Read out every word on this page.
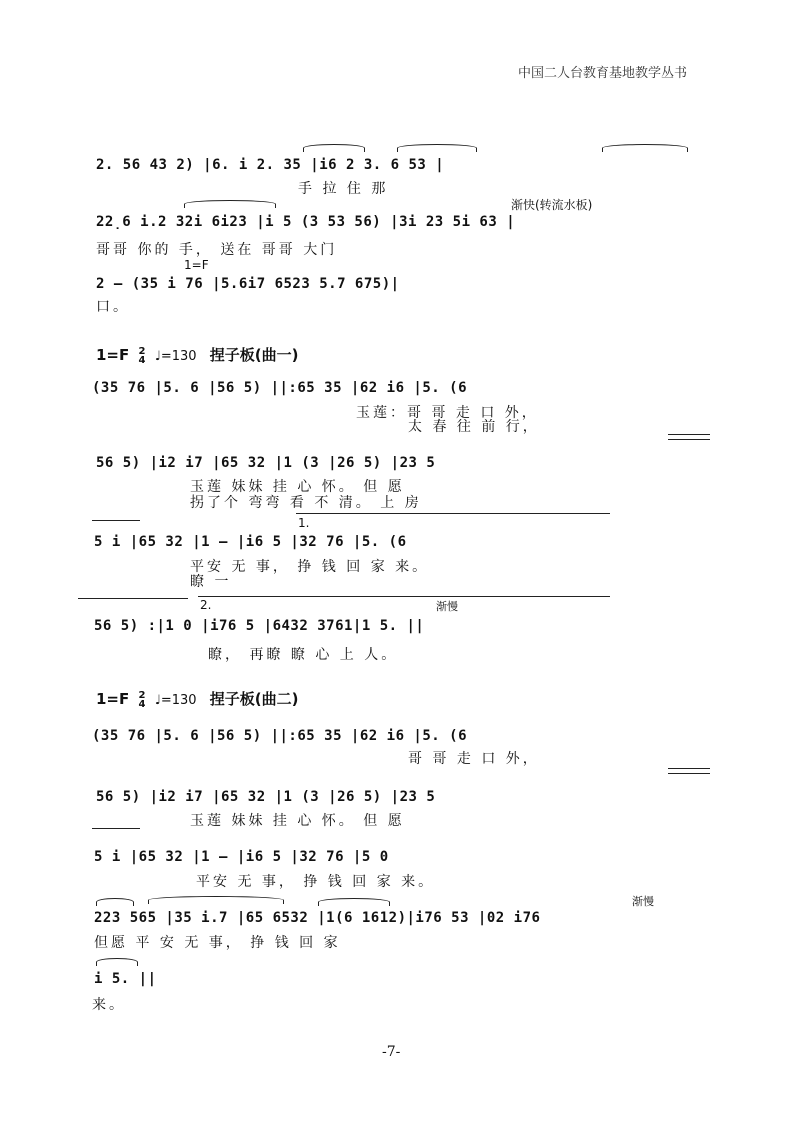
中国二人台教育基地教学丛书
2. 56 43 2) |6. i 2. 35 |i6 2 3. 6 53 |
手 拉 住 那
渐快(转流水板)
22̣6 i.2 32i 6i23 |i 5 (3 53 56) |3i 23 5i 63 |
哥哥 你的 手， 送在 哥哥 大门
1=F
2 – (35 i 76 |5.6i7 6523 5.7 675)|
口。
1=F 2
4 ♩=130 捏子板(曲一)
(35 76 |5. 6 |56 5) ||:65 35 |62 i6 |5. (6
玉莲：哥 哥 走 口 外，
太 春 往 前 行，
56 5) |i2 i7 |65 32 |1 (3 |26 5) |23 5
玉莲 妹妹 挂 心 怀。 但 愿
拐了个 弯弯 看 不 清。 上 房
1.
5 i |65 32 |1 – |i6 5 |32 76 |5. (6
平安 无 事， 挣 钱 回 家 来。
瞭 一
2.	渐慢
56 5) :|1 0 |i76 5 |6432 3761|1 5. ||
瞭， 再瞭 瞭 心 上 人。
1=F 2
4 ♩=130 捏子板(曲二)
(35 76 |5. 6 |56 5) ||:65 35 |62 i6 |5. (6
哥 哥 走 口 外，
56 5) |i2 i7 |65 32 |1 (3 |26 5) |23 5
玉莲 妹妹 挂 心 怀。 但 愿
5 i |65 32 |1 – |i6 5 |32 76 |5 0
平安 无 事， 挣 钱 回 家 来。
渐慢
223 565 |35 i.7 |65 6532 |1(6 1612)|i76 53 |02 i76
但愿 平 安 无 事， 挣 钱 回 家
i 5. ||
来。
-7-
